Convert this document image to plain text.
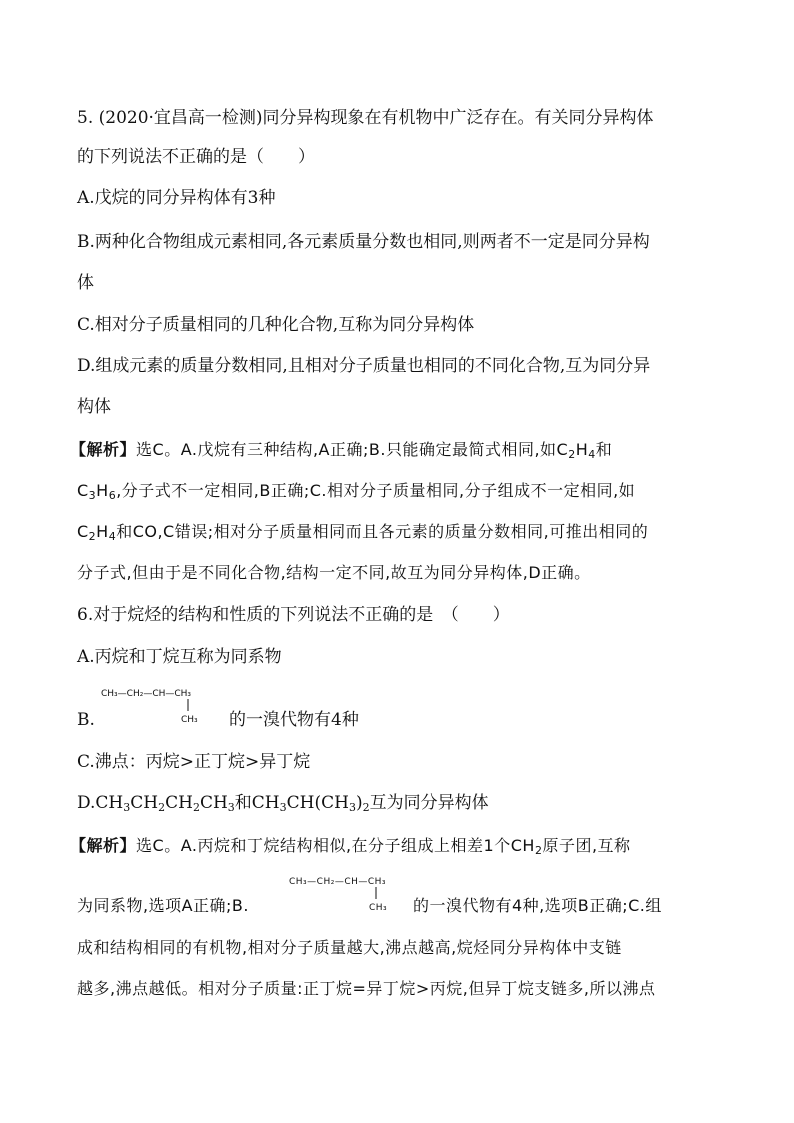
5. (2020·宜昌高一检测)同分异构现象在有机物中广泛存在。有关同分异构体
的下列说法不正确的是（　　）
A.戊烷的同分异构体有3种
B.两种化合物组成元素相同,各元素质量分数也相同,则两者不一定是同分异构
体
C.相对分子质量相同的几种化合物,互称为同分异构体
D.组成元素的质量分数相同,且相对分子质量也相同的不同化合物,互为同分异
构体
【解析】选C。A.戊烷有三种结构,A正确;B.只能确定最简式相同,如$C_2H_4$和
$C_3H_6$,分子式不一定相同,B正确;C.相对分子质量相同,分子组成不一定相同,如
$C_2H_4$和CO,C错误;相对分子质量相同而且各元素的质量分数相同,可推出相同的
分子式,但由于是不同化合物,结构一定不同,故互为同分异构体,D正确。
6.对于烷烃的结构和性质的下列说法不正确的是　（　　）
A.丙烷和丁烷互称为同系物
B.
CH₃—CH₂—CH—CH₃
CH₃ 的一溴代物有4种
C.沸点：丙烷>正丁烷>异丁烷
$D.CH_3CH_2CH_2CH_3$和$CH_3CH(CH_3)_2$互为同分异构体
【解析】选C。A.丙烷和丁烷结构相似,在分子组成上相差1个$CH_2$原子团,互称
为同系物,选项A正确;B.
CH₃—CH₂—CH—CH₃
CH₃ 的一溴代物有4种,选项B正确;C.组
成和结构相同的有机物,相对分子质量越大,沸点越高,烷烃同分异构体中支链
越多,沸点越低。相对分子质量:正丁烷=异丁烷>丙烷,但异丁烷支链多,所以沸点
